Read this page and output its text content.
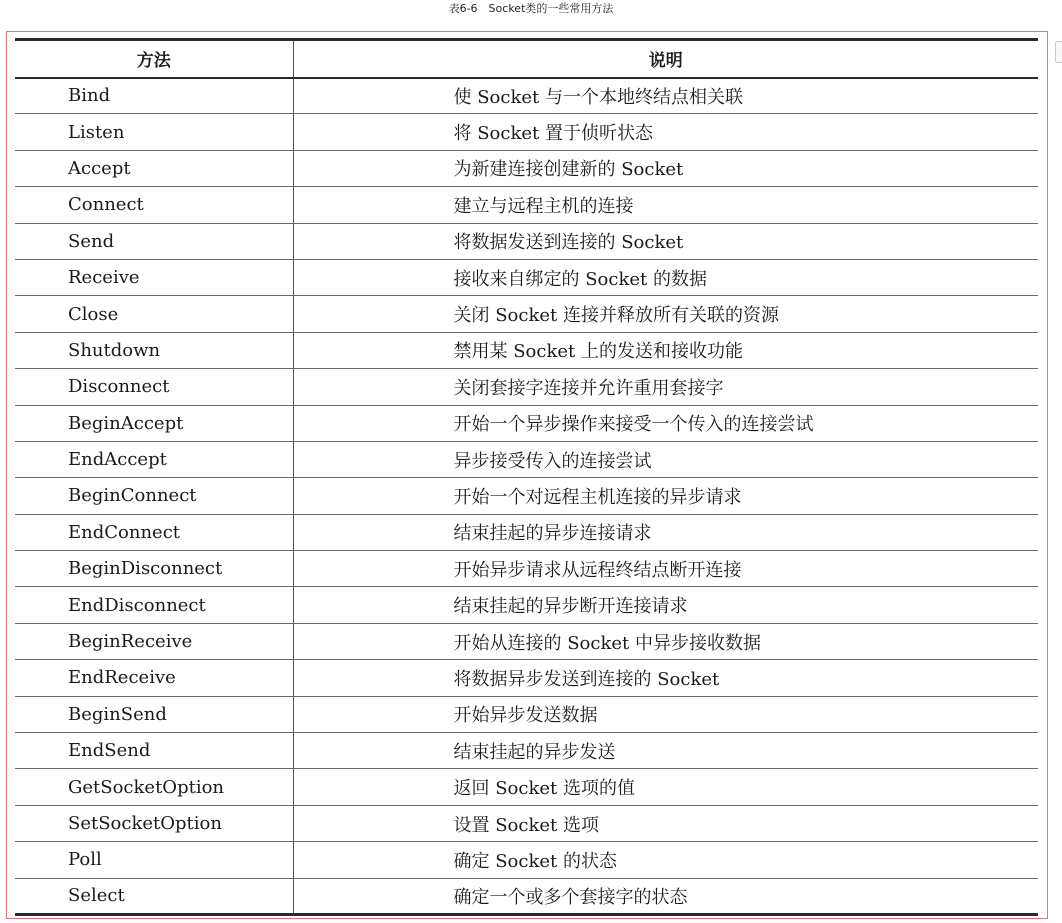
表6-6　Socket类的一些常用方法
方法	说明
Bind	使 Socket 与一个本地终结点相关联
Listen	将 Socket 置于侦听状态
Accept	为新建连接创建新的 Socket
Connect	建立与远程主机的连接
Send	将数据发送到连接的 Socket
Receive	接收来自绑定的 Socket 的数据
Close	关闭 Socket 连接并释放所有关联的资源
Shutdown	禁用某 Socket 上的发送和接收功能
Disconnect	关闭套接字连接并允许重用套接字
BeginAccept	开始一个异步操作来接受一个传入的连接尝试
EndAccept	异步接受传入的连接尝试
BeginConnect	开始一个对远程主机连接的异步请求
EndConnect	结束挂起的异步连接请求
BeginDisconnect	开始异步请求从远程终结点断开连接
EndDisconnect	结束挂起的异步断开连接请求
BeginReceive	开始从连接的 Socket 中异步接收数据
EndReceive	将数据异步发送到连接的 Socket
BeginSend	开始异步发送数据
EndSend	结束挂起的异步发送
GetSocketOption	返回 Socket 选项的值
SetSocketOption	设置 Socket 选项
Poll	确定 Socket 的状态
Select	确定一个或多个套接字的状态
